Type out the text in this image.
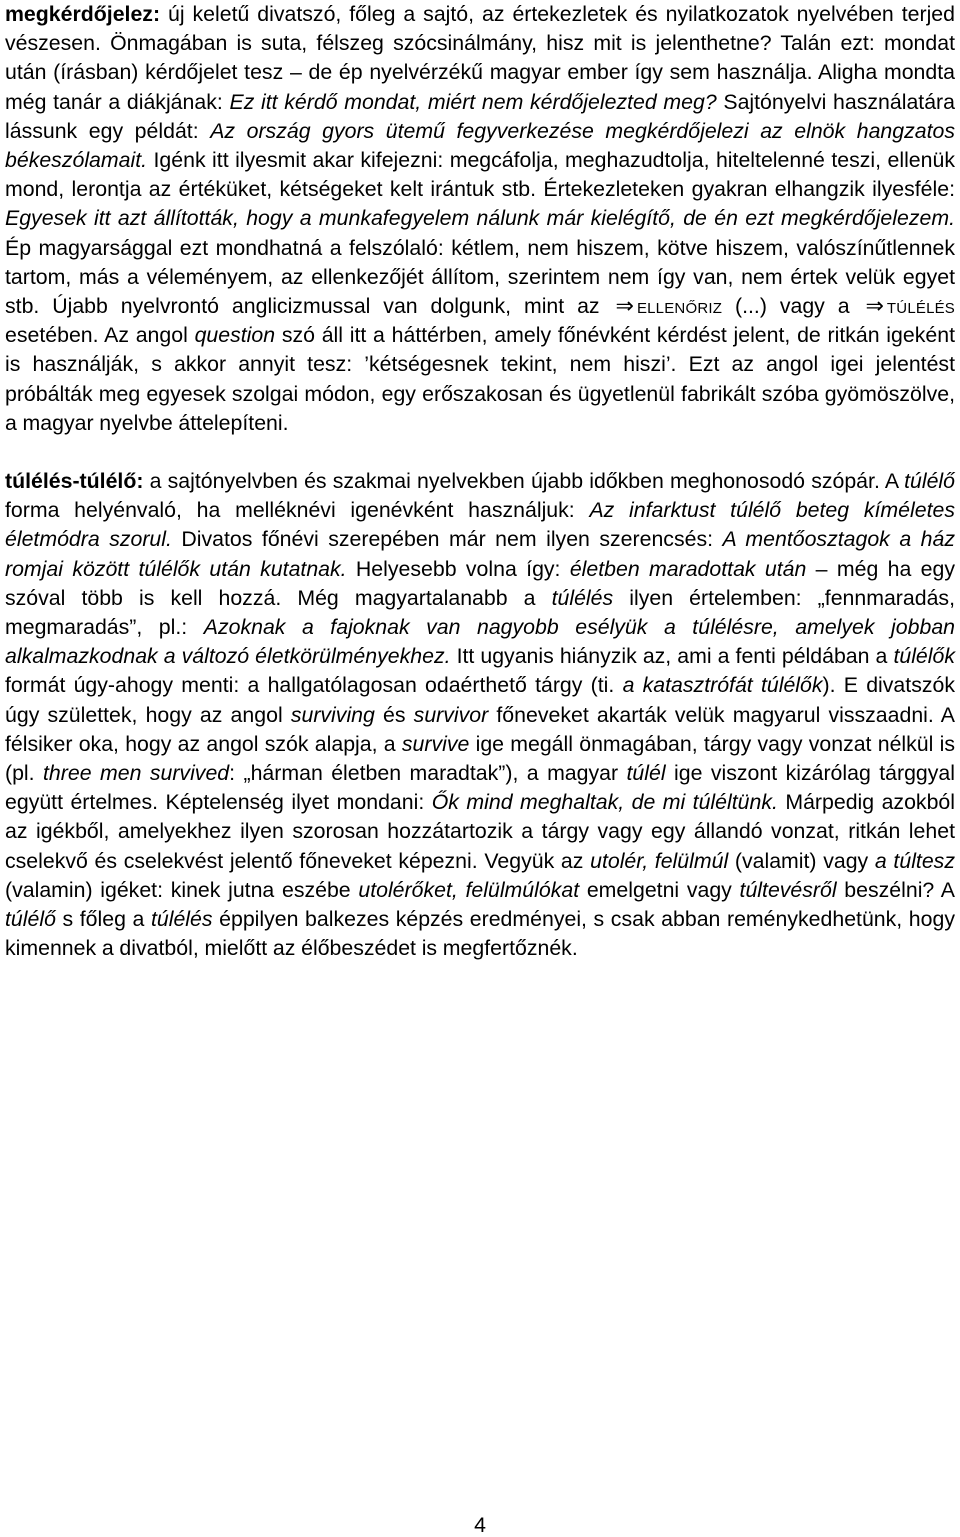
megkérdőjelez: új keletű divatszó, főleg a sajtó, az értekezletek és nyilatkozatok nyelvében terjed vészesen. Önmagában is suta, félszeg szócsinálmány, hisz mit is jelenthetne? Talán ezt: mondat után (írásban) kérdőjelet tesz – de ép nyelvérzékű magyar ember így sem használja. Aligha mondta még tanár a diákjának: Ez itt kérdő mondat, miért nem kérdőjelezted meg? Sajtónyelvi használatára lássunk egy példát: Az ország gyors ütemű fegyverkezése megkérdőjelezi az elnök hangzatos békeszólamait. Igénk itt ilyesmit akar kifejezni: megcáfolja, meghazudtolja, hiteltelenné teszi, ellenük mond, lerontja az értéküket, kétségeket kelt irántuk stb. Értekezleteken gyakran elhangzik ilyesféle: Egyesek itt azt állították, hogy a munkafegyelem nálunk már kielégítő, de én ezt megkérdőjelezem. Ép magyarsággal ezt mondhatná a felszólaló: kétlem, nem hiszem, kötve hiszem, valószínűtlennek tartom, más a véleményem, az ellenkezőjét állítom, szerintem nem így van, nem értek velük egyet stb. Újabb nyelvrontó anglicizmussal van dolgunk, mint az ⇒ ellenőriz (...) vagy a ⇒ túlélés esetében. Az angol question szó áll itt a háttérben, amely főnévként kérdést jelent, de ritkán igeként is használják, s akkor annyit tesz: ’kétségesnek tekint, nem hiszi’. Ezt az angol igei jelentést próbálták meg egyesek szolgai módon, egy erőszakosan és ügyetlenül fabrikált szóba gyömöszölve, a magyar nyelvbe áttelepíteni.

túlélés-túlélő: a sajtónyelvben és szakmai nyelvekben újabb időkben meghonosodó szópár. A túlélő forma helyénvaló, ha melléknévi igenévként használjuk: Az infarktust túlélő beteg kíméletes életmódra szorul. Divatos főnévi szerepében már nem ilyen szerencsés: A mentőosztagok a ház romjai között túlélők után kutatnak. Helyesebb volna így: életben maradottak után – még ha egy szóval több is kell hozzá. Még magyartalanabb a túlélés ilyen értelemben: „fennmaradás, megmaradás”, pl.: Azoknak a fajoknak van nagyobb esélyük a túlélésre, amelyek jobban alkalmazkodnak a változó életkörülményekhez. Itt ugyanis hiányzik az, ami a fenti példában a túlélők formát úgy-ahogy menti: a hallgatólagosan odaérthető tárgy (ti. a katasztrófát túlélők). E divatszók úgy születtek, hogy az angol surviving és survivor főneveket akarták velük magyarul visszaadni. A félsiker oka, hogy az angol szók alapja, a survive ige megáll önmagában, tárgy vagy vonzat nélkül is (pl. three men survived: „hárman életben maradtak”), a magyar túlél ige viszont kizárólag tárggyal együtt értelmes. Képtelenség ilyet mondani: Ők mind meghaltak, de mi túléltünk. Márpedig azokból az igékből, amelyekhez ilyen szorosan hozzátartozik a tárgy vagy egy állandó vonzat, ritkán lehet cselekvő és cselekvést jelentő főneveket képezni. Vegyük az utolér, felülmúl (valamit) vagy a túltesz (valamin) igéket: kinek jutna eszébe utolérőket, felülmúlókat emelgetni vagy túltevésről beszélni? A túlélő s főleg a túlélés éppilyen balkezes képzés eredményei, s csak abban reménykedhetünk, hogy kimennek a divatból, mielőtt az élőbeszédet is megfertőznék.

4
